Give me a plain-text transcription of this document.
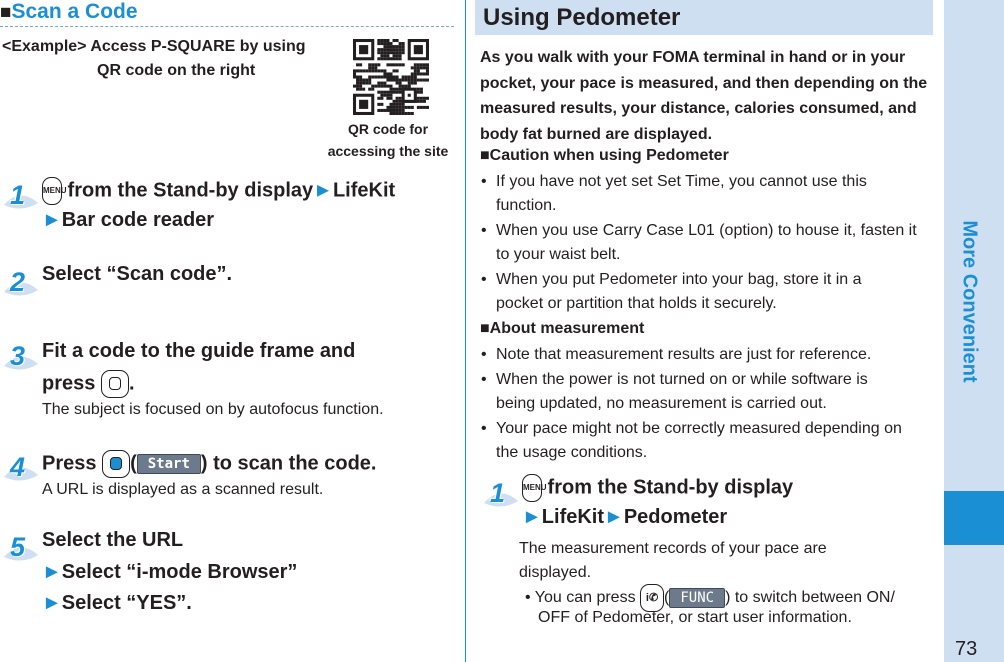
■Scan a Code
<Example> Access P-SQUARE by using
QR code on the right
QR code for
accessing the site
1 MENU from the Stand-by display►LifeKit
►Bar code reader
2 Select “Scan code”.
3 Fit a code to the guide frame and
press .
The subject is focused on by autofocus function.
4 Press ( Start ) to scan the code.
A URL is displayed as a scanned result.
5 Select the URL
►Select “i-mode Browser”
►Select “YES”.
Using Pedometer
As you walk with your FOMA terminal in hand or in your pocket, your pace is measured, and then depending on the measured results, your distance, calories consumed, and body fat burned are displayed.
■Caution when using Pedometer
• If you have not yet set Set Time, you cannot use this function.
• When you use Carry Case L01 (option) to house it, fasten it to your waist belt.
• When you put Pedometer into your bag, store it in a pocket or partition that holds it securely.
■About measurement
• Note that measurement results are just for reference.
• When the power is not turned on or while software is being updated, no measurement is carried out.
• Your pace might not be correctly measured depending on the usage conditions.
1 MENU from the Stand-by display
►LifeKit►Pedometer
The measurement records of your pace are displayed.
• You can press i✆ ( FUNC ) to switch between ON/
OFF of Pedometer, or start user information.
More Convenient
73
